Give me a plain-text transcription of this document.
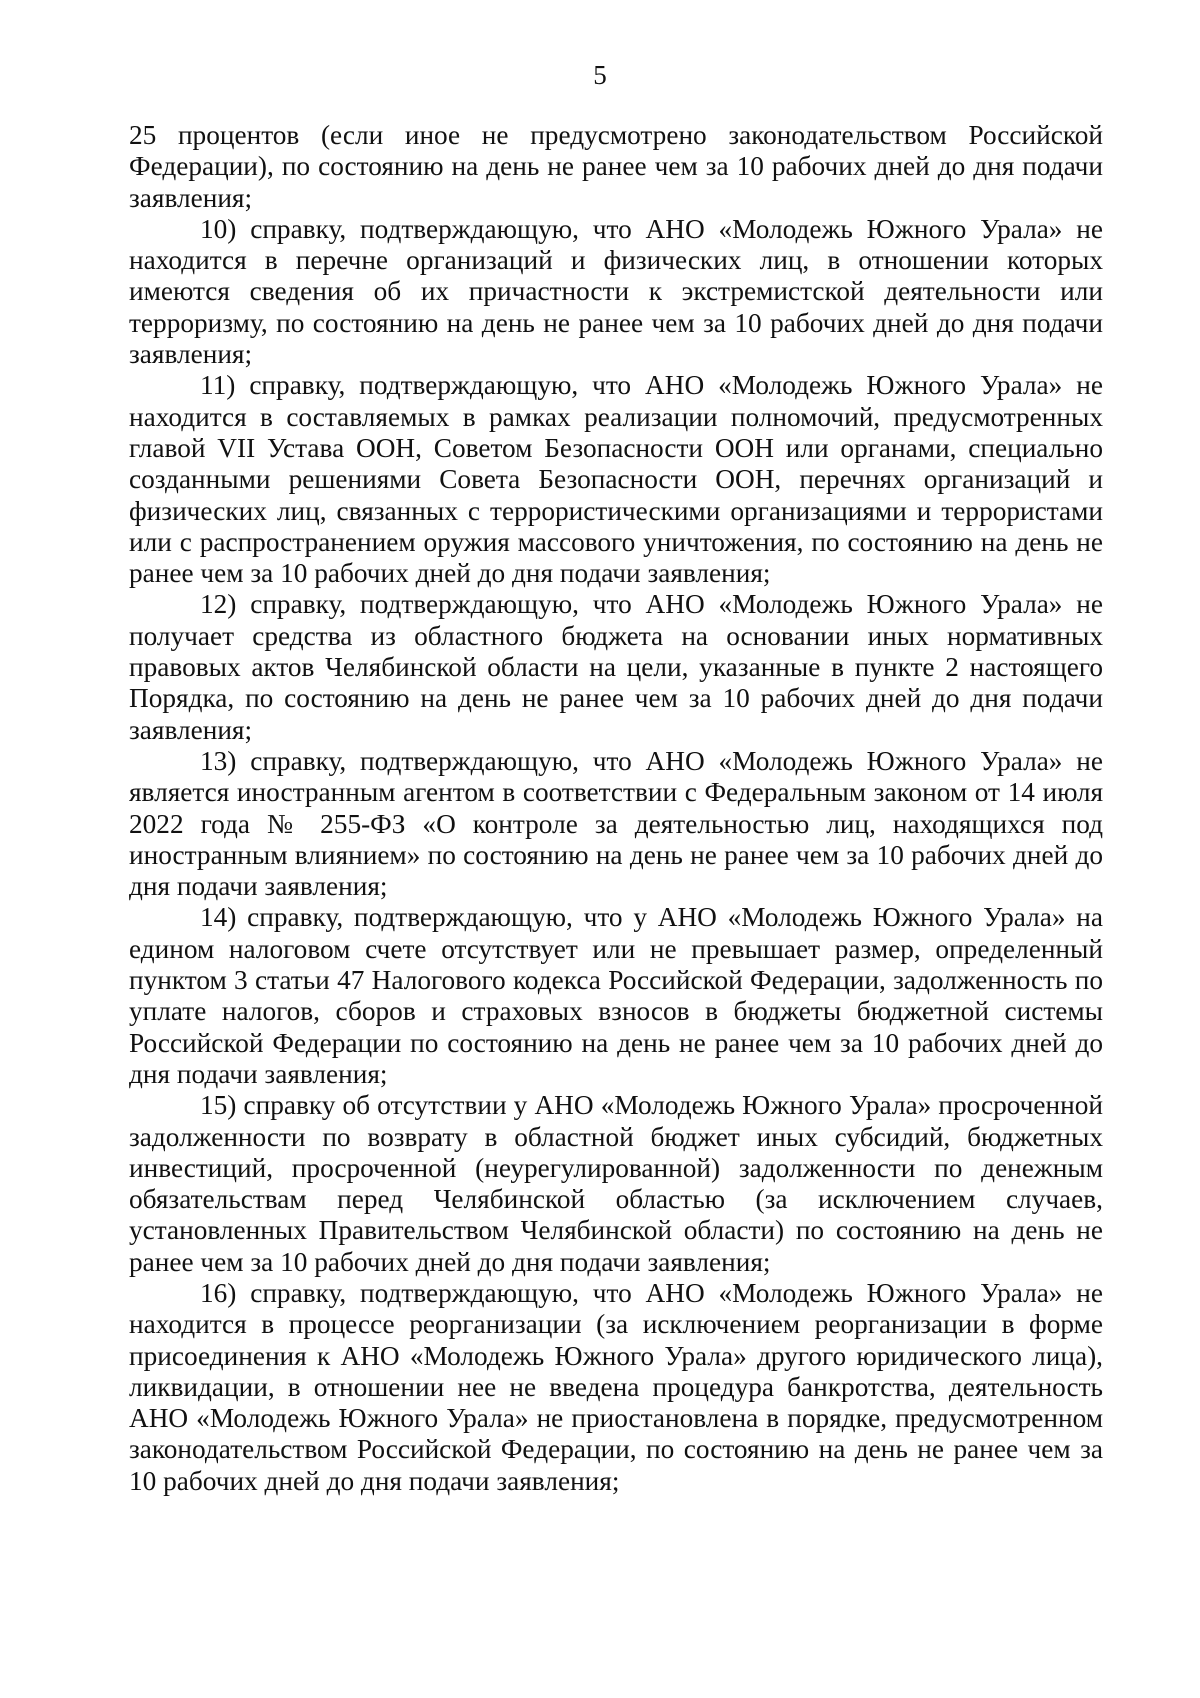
5

25 процентов (если иное не предусмотрено законодательством Российской Федерации), по состоянию на день не ранее чем за 10 рабочих дней до дня подачи заявления;

10) справку, подтверждающую, что АНО «Молодежь Южного Урала» не находится в перечне организаций и физических лиц, в отношении которых имеются сведения об их причастности к экстремистской деятельности или терроризму, по состоянию на день не ранее чем за 10 рабочих дней до дня подачи заявления;

11) справку, подтверждающую, что АНО «Молодежь Южного Урала» не находится в составляемых в рамках реализации полномочий, предусмотренных главой VII Устава ООН, Советом Безопасности ООН или органами, специально созданными решениями Совета Безопасности ООН, перечнях организаций и физических лиц, связанных с террористическими организациями и террористами или с распространением оружия массового уничтожения, по состоянию на день не ранее чем за 10 рабочих дней до дня подачи заявления;

12) справку, подтверждающую, что АНО «Молодежь Южного Урала» не получает средства из областного бюджета на основании иных нормативных правовых актов Челябинской области на цели, указанные в пункте 2 настоящего Порядка, по состоянию на день не ранее чем за 10 рабочих дней до дня подачи заявления;

13) справку, подтверждающую, что АНО «Молодежь Южного Урала» не является иностранным агентом в соответствии с Федеральным законом от 14 июля 2022 года № 255-ФЗ «О контроле за деятельностью лиц, находящихся под иностранным влиянием» по состоянию на день не ранее чем за 10 рабочих дней до дня подачи заявления;

14) справку, подтверждающую, что у АНО «Молодежь Южного Урала» на едином налоговом счете отсутствует или не превышает размер, определенный пунктом 3 статьи 47 Налогового кодекса Российской Федерации, задолженность по уплате налогов, сборов и страховых взносов в бюджеты бюджетной системы Российской Федерации по состоянию на день не ранее чем за 10 рабочих дней до дня подачи заявления;

15) справку об отсутствии у АНО «Молодежь Южного Урала» просроченной задолженности по возврату в областной бюджет иных субсидий, бюджетных инвестиций, просроченной (неурегулированной) задолженности по денежным обязательствам перед Челябинской областью (за исключением случаев, установленных Правительством Челябинской области) по состоянию на день не ранее чем за 10 рабочих дней до дня подачи заявления;

16) справку, подтверждающую, что АНО «Молодежь Южного Урала» не находится в процессе реорганизации (за исключением реорганизации в форме присоединения к АНО «Молодежь Южного Урала» другого юридического лица), ликвидации, в отношении нее не введена процедура банкротства, деятельность АНО «Молодежь Южного Урала» не приостановлена в порядке, предусмотренном законодательством Российской Федерации, по состоянию на день не ранее чем за 10 рабочих дней до дня подачи заявления;
